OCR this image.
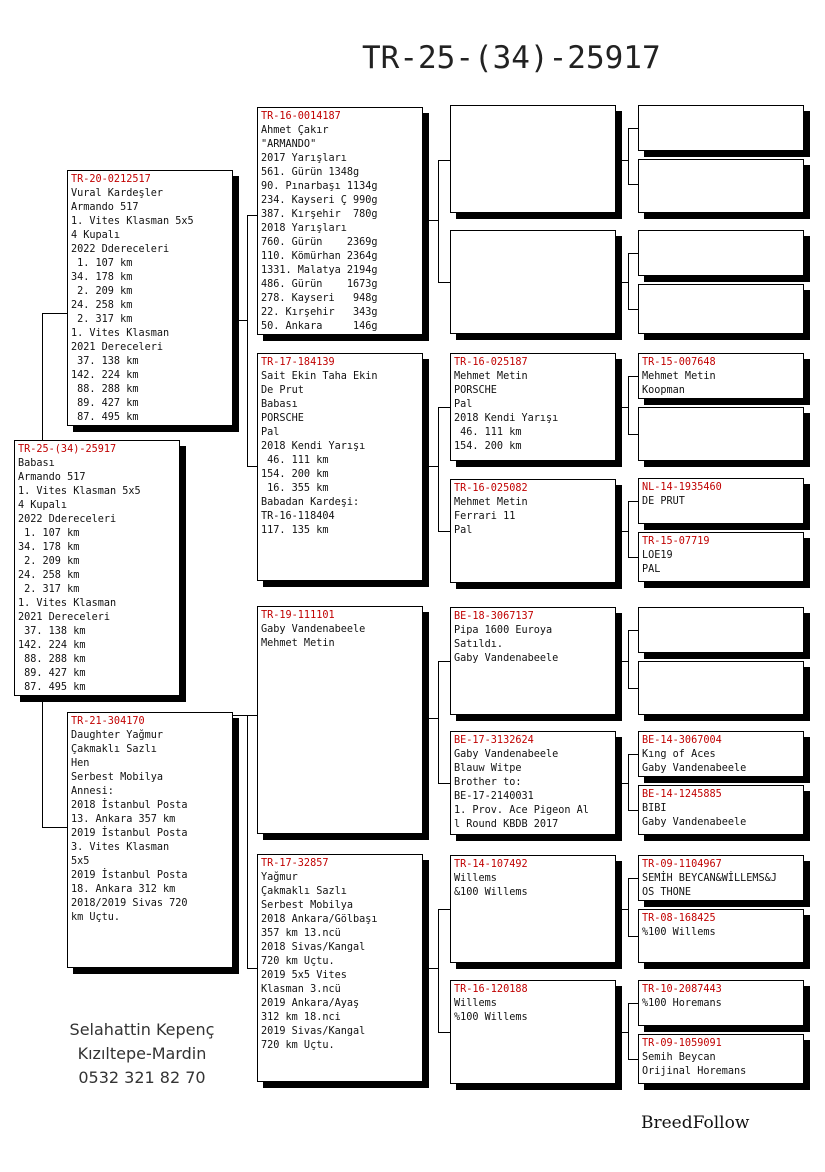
TR-25-(34)-25917
TR-25-(34)-25917
Babası
Armando 517
1. Vites Klasman 5x5
4 Kupalı
2022 Ddereceleri
1. 107 km
34. 178 km
2. 209 km
24. 258 km
2. 317 km
1. Vites Klasman
2021 Dereceleri
37. 138 km
142. 224 km
88. 288 km
89. 427 km
87. 495 km
TR-20-0212517
Vural Kardeşler
Armando 517
1. Vites Klasman 5x5
4 Kupalı
2022 Ddereceleri
1. 107 km
34. 178 km
2. 209 km
24. 258 km
2. 317 km
1. Vites Klasman
2021 Dereceleri
37. 138 km
142. 224 km
88. 288 km
89. 427 km
87. 495 km
TR-21-304170
Daughter Yağmur
Çakmaklı Sazlı
Hen
Serbest Mobilya
Annesi:
2018 İstanbul Posta
13. Ankara 357 km
2019 İstanbul Posta
3. Vites Klasman
5x5
2019 İstanbul Posta
18. Ankara 312 km
2018/2019 Sivas 720
km Uçtu.
TR-16-0014187
Ahmet Çakır
"ARMANDO"
2017 Yarışları
561. Gürün 1348g
90. Pınarbaşı 1134g
234. Kayseri Ç 990g
387. Kırşehir  780g
2018 Yarışları
760. Gürün    2369g
110. Kömürhan 2364g
1331. Malatya 2194g
486. Gürün    1673g
278. Kayseri   948g
22. Kırşehir   343g
50. Ankara     146g
TR-17-184139
Sait Ekin Taha Ekin
De Prut
Babası
PORSCHE
Pal
2018 Kendi Yarışı
46. 111 km
154. 200 km
16. 355 km
Babadan Kardeşi:
TR-16-118404
117. 135 km
TR-19-111101
Gaby Vandenabeele
Mehmet Metin
TR-17-32857
Yağmur
Çakmaklı Sazlı
Serbest Mobilya
2018 Ankara/Gölbaşı
357 km 13.ncü
2018 Sivas/Kangal
720 km Uçtu.
2019 5x5 Vites
Klasman 3.ncü
2019 Ankara/Ayaş
312 km 18.nci
2019 Sivas/Kangal
720 km Uçtu.
TR-16-025187
Mehmet Metin
PORSCHE
Pal
2018 Kendi Yarışı
46. 111 km
154. 200 km
TR-16-025082
Mehmet Metin
Ferrari 11
Pal
BE-18-3067137
Pipa 1600 Euroya
Satıldı.
Gaby Vandenabeele
BE-17-3132624
Gaby Vandenabeele
Blauw Witpe
Brother to:
BE-17-2140031
1. Prov. Ace Pigeon Al
l Round KBDB 2017
TR-14-107492
Willems
&100 Willems
TR-16-120188
Willems
%100 Willems
TR-15-007648
Mehmet Metin
Koopman
NL-14-1935460
DE PRUT
TR-15-07719
LOE19
PAL
BE-14-3067004
Kıng of Aces
Gaby Vandenabeele
BE-14-1245885
BIBI
Gaby Vandenabeele
TR-09-1104967
SEMİH BEYCAN&WİLLEMS&J
OS THONE
TR-08-168425
%100 Willems
TR-10-2087443
%100 Horemans
TR-09-1059091
Semih Beycan
Orijinal Horemans
Selahattin Kepenç
Kızıltepe-Mardin
0532 321 82 70
BreedFollow
